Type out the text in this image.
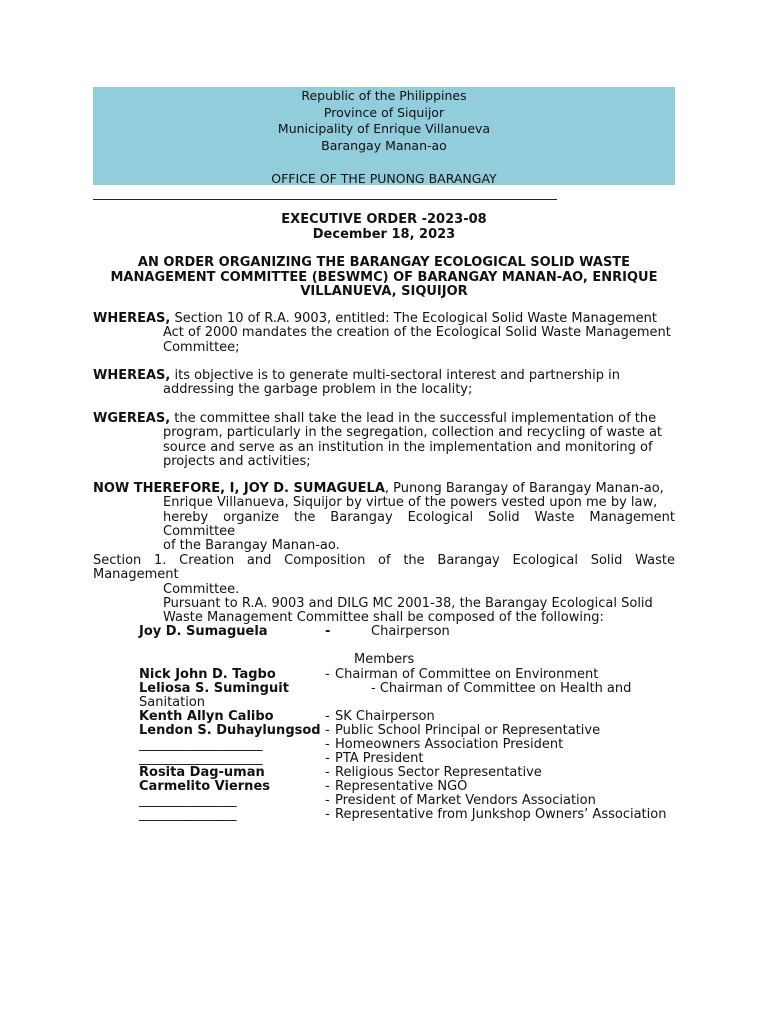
Republic of the Philippines
Province of Siquijor
Municipality of Enrique Villanueva
Barangay Manan-ao

OFFICE OF THE PUNONG BARANGAY
EXECUTIVE ORDER -2023-08
December 18, 2023
AN ORDER ORGANIZING THE BARANGAY ECOLOGICAL SOLID WASTE
MANAGEMENT COMMITTEE (BESWMC) OF BARANGAY MANAN-AO, ENRIQUE
VILLANUEVA, SIQUIJOR
WHEREAS, Section 10 of R.A. 9003, entitled: The Ecological Solid Waste Management
Act of 2000 mandates the creation of the Ecological Solid Waste Management
Committee;
WHEREAS, its objective is to generate multi-sectoral interest and partnership in
addressing the garbage problem in the locality;
WGEREAS, the committee shall take the lead in the successful implementation of the
program, particularly in the segregation, collection and recycling of waste at
source and serve as an institution in the implementation and monitoring of
projects and activities;
NOW THEREFORE, I, JOY D. SUMAGUELA, Punong Barangay of Barangay Manan-ao,
Enrique Villanueva, Siquijor by virtue of the powers vested upon me by law,
hereby organize the Barangay Ecological Solid Waste Management Committee
of the Barangay Manan-ao.
Section 1. Creation and Composition of the Barangay Ecological Solid Waste Management
Committee.
Pursuant to R.A. 9003 and DILG MC 2001-38, the Barangay Ecological Solid
Waste Management Committee shall be composed of the following:
Joy D. Sumaguela	-	Chairperson
Members
Nick John D. Tagbo	- Chairman of Committee on Environment
Leliosa S. Suminguit	- Chairman of Committee on Health and
Sanitation
Kenth Allyn Calibo	- SK Chairperson
Lendon S. Duhaylungsod - Public School Principal or Representative
___________________	- Homeowners Association President
___________________	- PTA President
Rosita Dag-uman	- Religious Sector Representative
Carmelito Viernes	- Representative NGO
_______________	- President of Market Vendors Association
_______________	- Representative from Junkshop Owners’ Association
